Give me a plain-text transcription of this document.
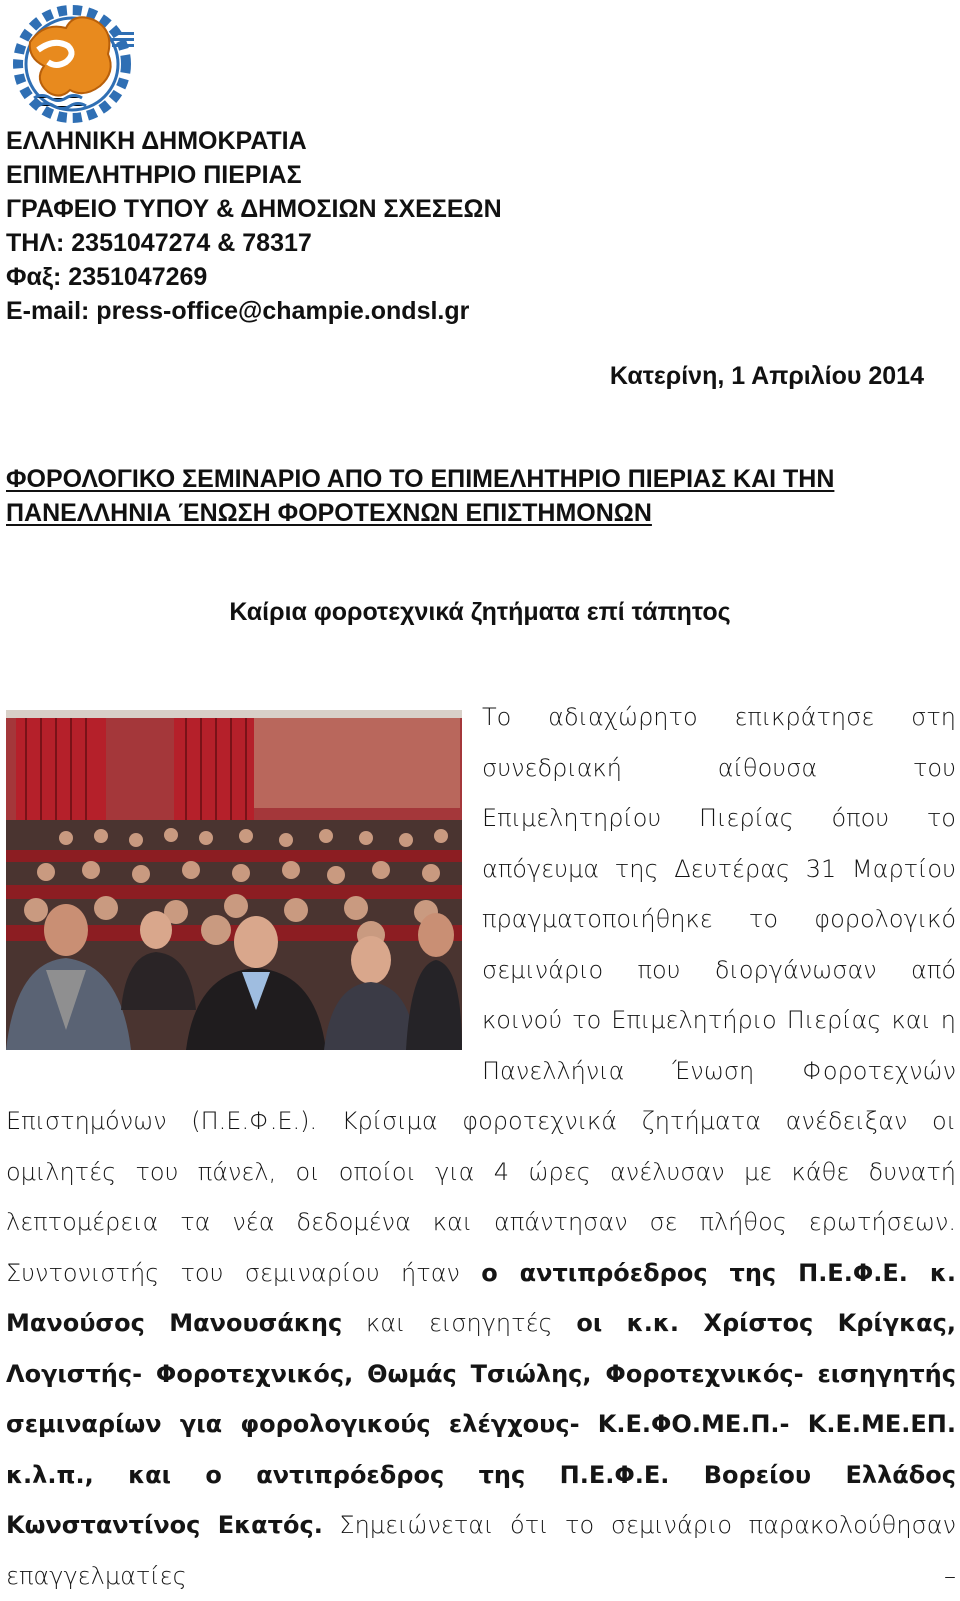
ΕΛΛΗΝΙΚΗ ΔΗΜΟΚΡΑΤΙΑ
ΕΠΙΜΕΛΗΤΗΡΙΟ ΠΙΕΡΙΑΣ
ΓΡΑΦΕΙΟ ΤΥΠΟΥ & ΔΗΜΟΣΙΩΝ ΣΧΕΣΕΩΝ
ΤΗΛ: 2351047274 & 78317
Φαξ: 2351047269
E-mail: press-office@champie.ondsl.gr
Κατερίνη, 1 Απριλίου 2014
ΦΟΡΟΛΟΓΙΚΟ ΣΕΜΙΝΑΡΙΟ ΑΠΟ ΤΟ ΕΠΙΜΕΛΗΤΗΡΙΟ ΠΙΕΡΙΑΣ ΚΑΙ ΤΗΝ
ΠΑΝΕΛΛΗΝΙΑ ΈΝΩΣΗ ΦΟΡΟΤΕΧΝΩΝ ΕΠΙΣΤΗΜΟΝΩΝ
Καίρια φοροτεχνικά ζητήματα επί τάπητος
Το αδιαχώρητο επικράτησε στη συνεδριακή αίθουσα του Επιμελητηρίου Πιερίας όπου το απόγευμα της Δευτέρας 31 Μαρτίου πραγματοποιήθηκε το φορολογικό σεμινάριο που διοργάνωσαν από κοινού το Επιμελητήριο Πιερίας και η Πανελλήνια Ένωση Φοροτεχνών Επιστημόνων (Π.Ε.Φ.Ε.). Κρίσιμα φοροτεχνικά ζητήματα ανέδειξαν οι ομιλητές του πάνελ, οι οποίοι για 4 ώρες ανέλυσαν με κάθε δυνατή λεπτομέρεια τα νέα δεδομένα και απάντησαν σε πλήθος ερωτήσεων. Συντονιστής του σεμιναρίου ήταν ο αντιπρόεδρος της Π.Ε.Φ.Ε. κ. Μανούσος Μανουσάκης και εισηγητές οι κ.κ. Χρίστος Κρίγκας, Λογιστής- Φοροτεχνικός, Θωμάς Τσιώλης, Φοροτεχνικός- εισηγητής σεμιναρίων για φορολογικούς ελέγχους- Κ.Ε.ΦΟ.ΜΕ.Π.- Κ.Ε.ΜΕ.ΕΠ. κ.λ.π., και ο αντιπρόεδρος της Π.Ε.Φ.Ε. Βορείου Ελλάδος Κωνσταντίνος Εκατός. Σημειώνεται ότι το σεμινάριο παρακολούθησαν επαγγελματίες –
